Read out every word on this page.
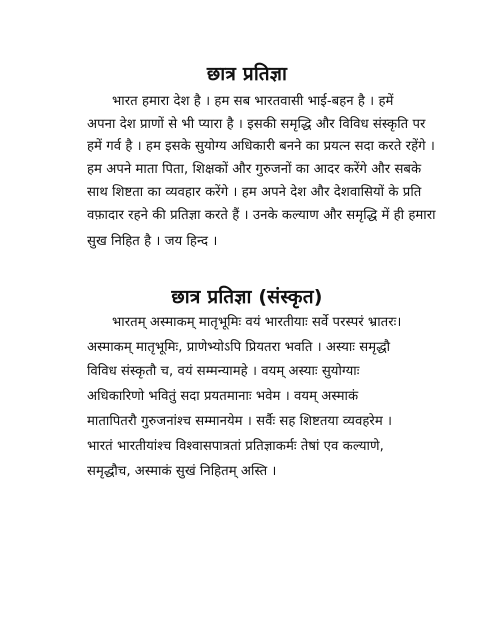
छात्र प्रतिज्ञा
भारत हमारा देश है । हम सब भारतवासी भाई-बहन है । हमें
अपना देश प्राणों से भी प्यारा है । इसकी समृद्धि और विविध संस्कृति पर
हमें गर्व है । हम इसके सुयोग्य अधिकारी बनने का प्रयत्न सदा करते रहेंगे ।
हम अपने माता पिता, शिक्षकों और गुरुजनों का आदर करेंगे और सबके
साथ शिष्टता का व्यवहार करेंगे । हम अपने देश और देशवासियों के प्रति
वफ़ादार रहने की प्रतिज्ञा करते हैं । उनके कल्याण और समृद्धि में ही हमारा
सुख निहित है । जय हिन्द ।
छात्र प्रतिज्ञा (संस्कृत)
भारतम् अस्माकम् मातृभूमिः वयं भारतीयाः सर्वे परस्परं भ्रातरः।
अस्माकम् मातृभूमिः, प्राणेभ्योऽपि प्रियतरा भवति । अस्याः समृद्धौ
विविध संस्कृतौ च, वयं सम्मन्यामहे । वयम् अस्याः सुयोग्याः
अधिकारिणो भवितुं सदा प्रयतमानाः भवेम । वयम् अस्माकं
मातापितरौ गुरुजनांश्च सम्मानयेम । सर्वैः सह शिष्टतया व्यवहरेम ।
भारतं भारतीयांश्च विश्वासपात्रतां प्रतिज्ञाकर्मः तेषां एव कल्याणे,
समृद्धौच, अस्माकं सुखं निहितम् अस्ति ।
